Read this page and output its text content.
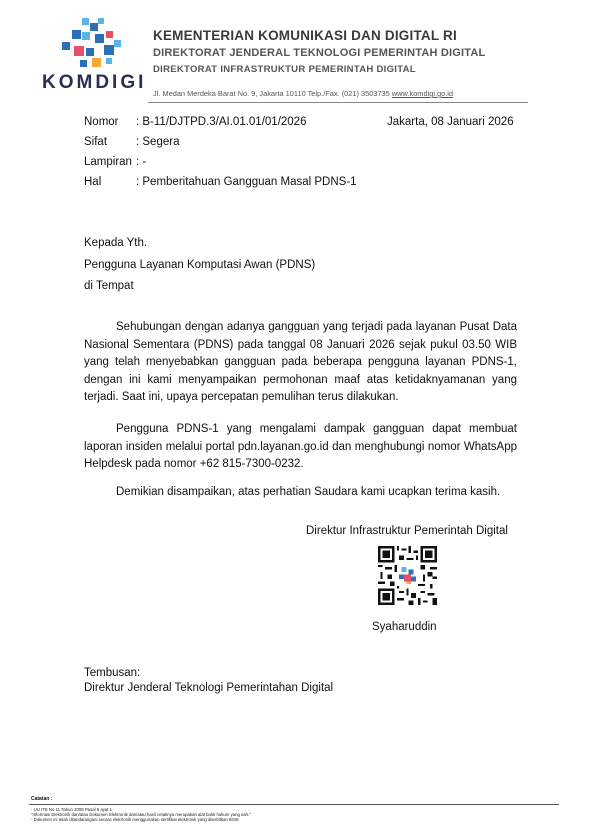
KOMDIGI
KEMENTERIAN KOMUNIKASI DAN DIGITAL RI
DIREKTORAT JENDERAL TEKNOLOGI PEMERINTAH DIGITAL
DIREKTORAT INFRASTRUKTUR PEMERINTAH DIGITAL
Jl. Medan Merdeka Barat No. 9, Jakarta 10110 Telp./Fax. (021) 3503735 www.komdigi.go.id
Nomor : B-11/DJTPD.3/AI.01.01/01/2026	Jakarta, 08 Januari 2026
Sifat	: Segera
Lampiran : -
Hal	: Pemberitahuan Gangguan Masal PDNS-1
Kepada Yth.
Pengguna Layanan Komputasi Awan (PDNS)
di Tempat

Sehubungan dengan adanya gangguan yang terjadi pada layanan Pusat Data Nasional Sementara (PDNS) pada tanggal 08 Januari 2026 sejak pukul 03.50 WIB yang telah menyebabkan gangguan pada beberapa pengguna layanan PDNS-1, dengan ini kami menyampaikan permohonan maaf atas ketidaknyamanan yang terjadi. Saat ini, upaya percepatan pemulihan terus dilakukan.

Pengguna PDNS-1 yang mengalami dampak gangguan dapat membuat laporan insiden melalui portal pdn.layanan.go.id dan menghubungi nomor WhatsApp Helpdesk pada nomor +62 815-7300-0232.

Demikian disampaikan, atas perhatian Saudara kami ucapkan terima kasih.

Direktur Infrastruktur Pemerintah Digital
Syaharuddin
Tembusan:
Direktur Jenderal Teknologi Pemerintahan Digital
Catatan :
- UU ITE No 11 Tahun 2008 Pasal 5 ayat 1
"Informasi Elektronik dan/atau Dokumen Elektronik dan/atau hasil cetaknya merupakan alat bukti hukum yang sah."
- Dokumen ini telah ditandatangani secara elektronik menggunakan sertifikat elektronik yang diterbitkan BSrE
